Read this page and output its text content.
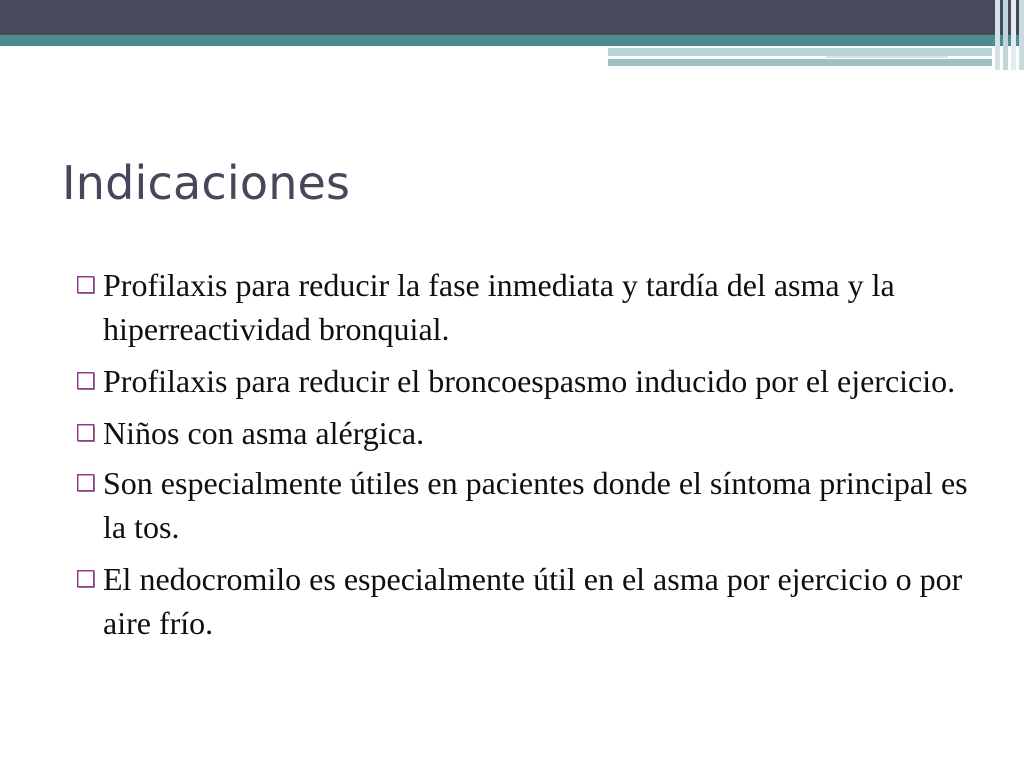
Indicaciones
Profilaxis para reducir la fase inmediata y tardía del asma y la hiperreactividad bronquial.
Profilaxis para reducir el broncoespasmo inducido por el ejercicio.
Niños con asma alérgica.
Son especialmente útiles en pacientes donde el síntoma principal es la tos.
El nedocromilo es especialmente útil en el asma por ejercicio o por aire frío.
